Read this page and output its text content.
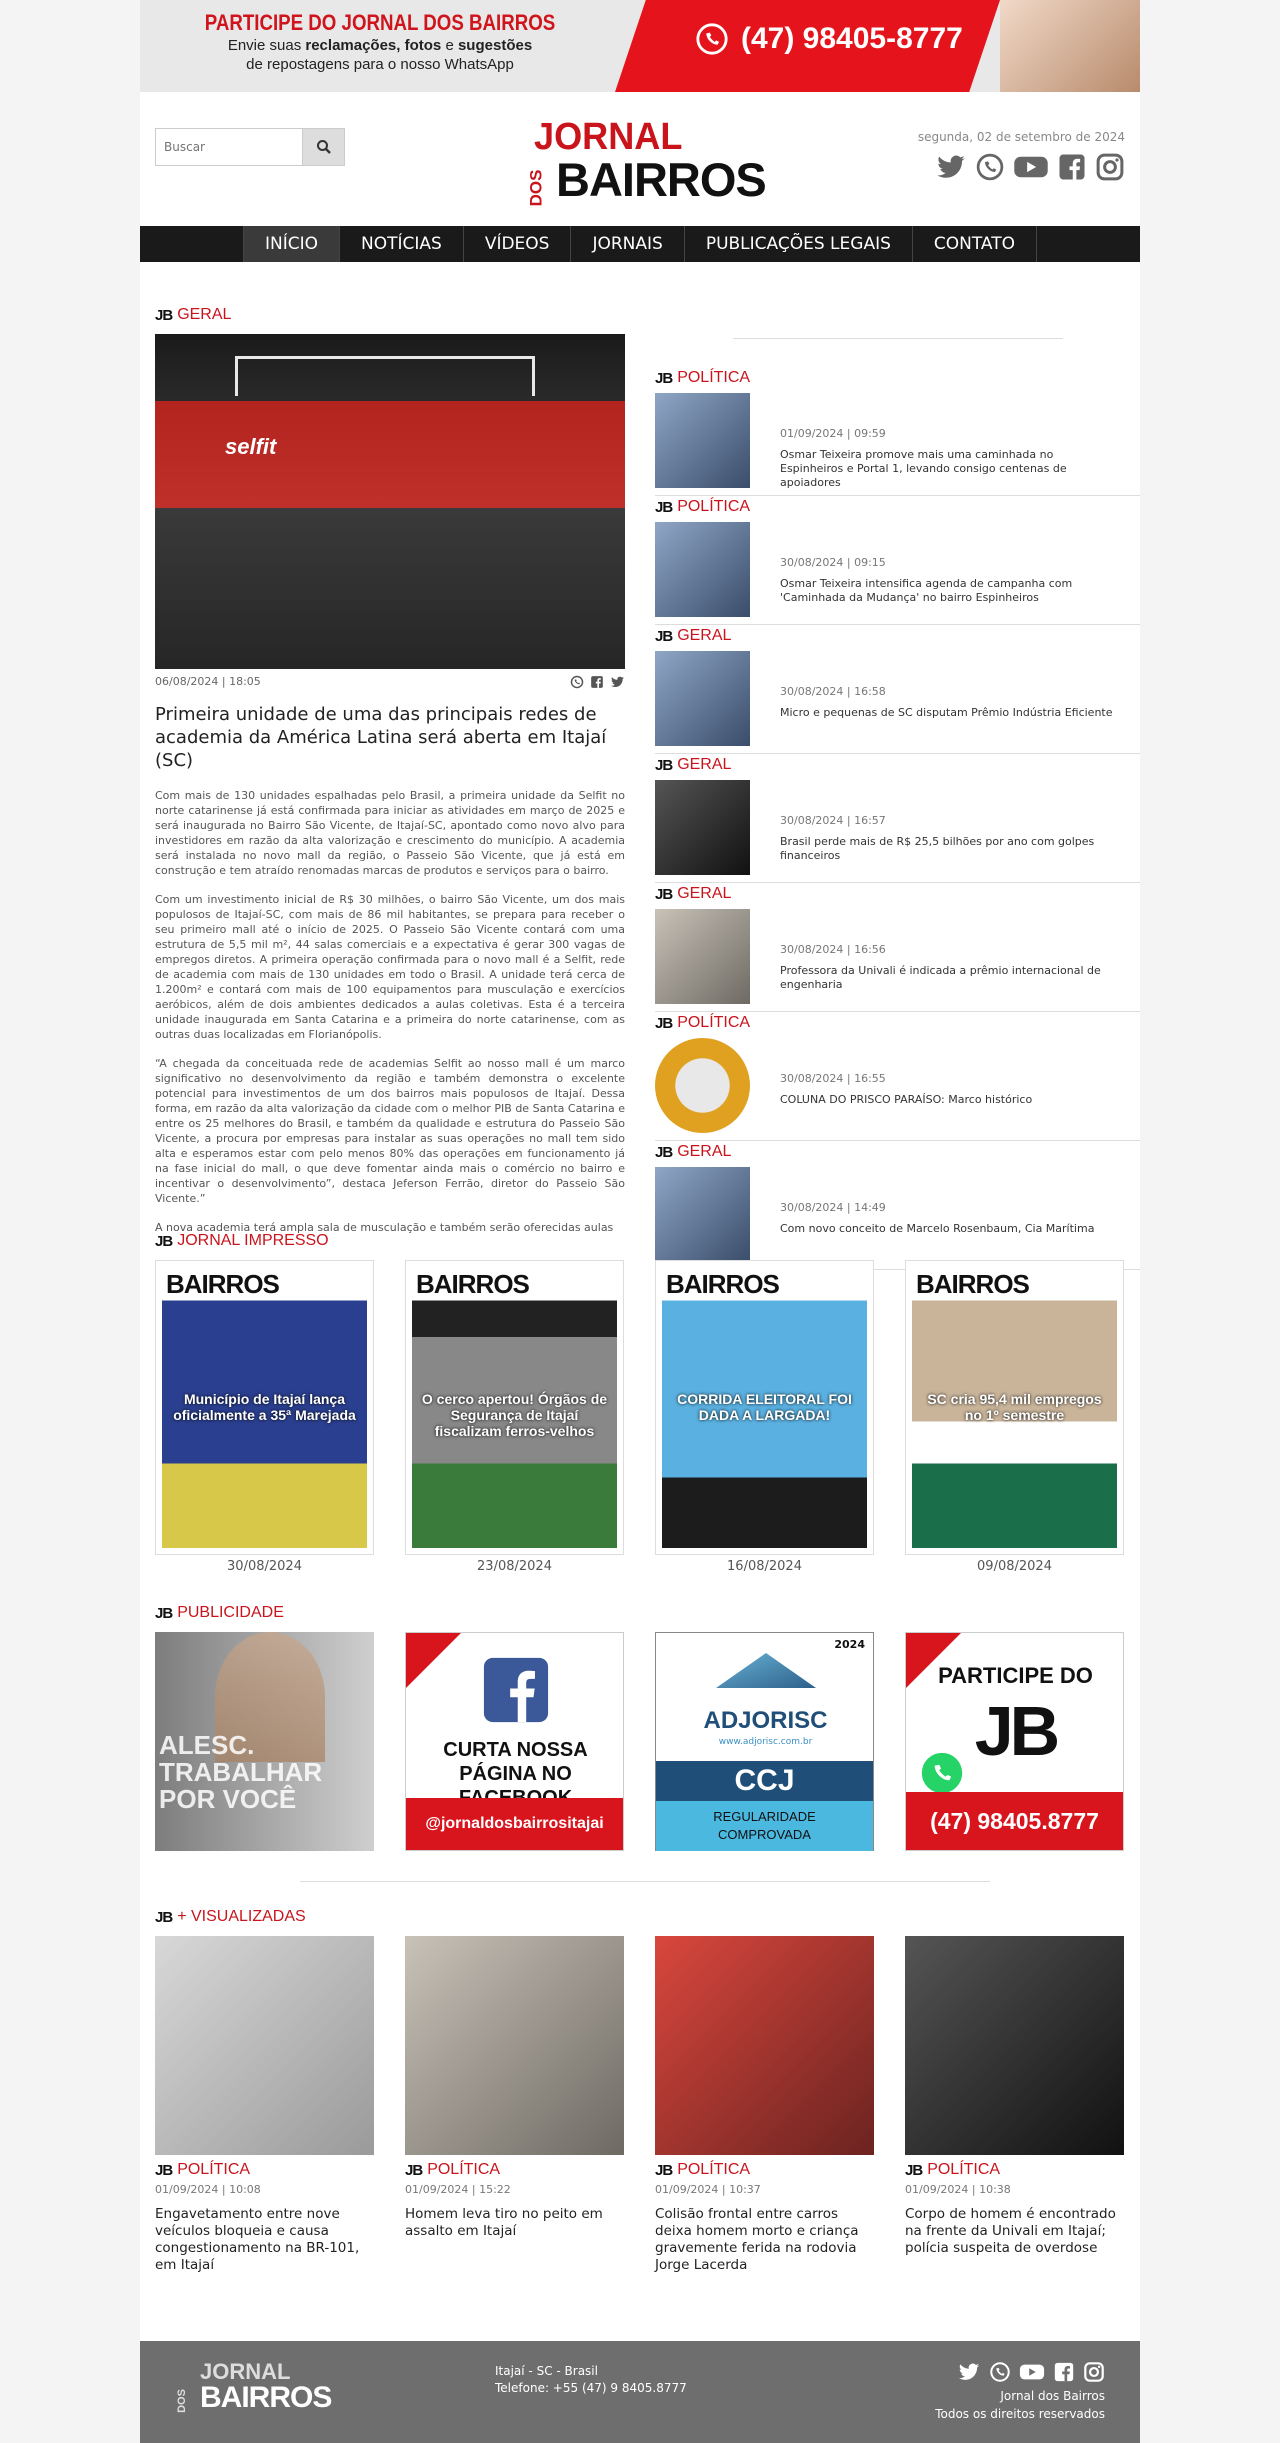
PARTICIPE DO JORNAL DOS BAIRROS
Envie suas reclamações, fotos e sugestões
de repostagens para o nosso WhatsApp
(47) 98405-8777
Buscar
JORNAL
DOS BAIRROS
segunda, 02 de setembro de 2024
INÍCIO	NOTÍCIAS	VÍDEOS	JORNAIS	PUBLICAÇÕES LEGAIS	CONTATO
JB GERAL
selfit
06/08/2024 | 18:05
Primeira unidade de uma das principais redes de academia da América Latina será aberta em Itajaí (SC)

Com mais de 130 unidades espalhadas pelo Brasil, a primeira unidade da Selfit no norte catarinense já está confirmada para iniciar as atividades em março de 2025 e será inaugurada no Bairro São Vicente, de Itajaí-SC, apontado como novo alvo para investidores em razão da alta valorização e crescimento do município. A academia será instalada no novo mall da região, o Passeio São Vicente, que já está em construção e tem atraído renomadas marcas de produtos e serviços para o bairro.

Com um investimento inicial de R$ 30 milhões, o bairro São Vicente, um dos mais populosos de Itajaí-SC, com mais de 86 mil habitantes, se prepara para receber o seu primeiro mall até o início de 2025. O Passeio São Vicente contará com uma estrutura de 5,5 mil m², 44 salas comerciais e a expectativa é gerar 300 vagas de empregos diretos. A primeira operação confirmada para o novo mall é a Selfit, rede de academia com mais de 130 unidades em todo o Brasil. A unidade terá cerca de 1.200m² e contará com mais de 100 equipamentos para musculação e exercícios aeróbicos, além de dois ambientes dedicados a aulas coletivas. Esta é a terceira unidade inaugurada em Santa Catarina e a primeira do norte catarinense, com as outras duas localizadas em Florianópolis.

“A chegada da conceituada rede de academias Selfit ao nosso mall é um marco significativo no desenvolvimento da região e também demonstra o excelente potencial para investimentos de um dos bairros mais populosos de Itajaí. Dessa forma, em razão da alta valorização da cidade com o melhor PIB de Santa Catarina e entre os 25 melhores do Brasil, e também da qualidade e estrutura do Passeio São Vicente, a procura por empresas para instalar as suas operações no mall tem sido alta e esperamos estar com pelo menos 80% das operações em funcionamento já na fase inicial do mall, o que deve fomentar ainda mais o comércio no bairro e incentivar o desenvolvimento”, destaca Jeferson Ferrão, diretor do Passeio São Vicente.”

A nova academia terá ampla sala de musculação e também serão oferecidas aulas

JB POLÍTICA
01/09/2024 | 09:59
Osmar Teixeira promove mais uma caminhada no Espinheiros e Portal 1, levando consigo centenas de apoiadores
JB POLÍTICA
30/08/2024 | 09:15
Osmar Teixeira intensifica agenda de campanha com 'Caminhada da Mudança' no bairro Espinheiros
JB GERAL
30/08/2024 | 16:58
Micro e pequenas de SC disputam Prêmio Indústria Eficiente
JB GERAL
30/08/2024 | 16:57
Brasil perde mais de R$ 25,5 bilhões por ano com golpes financeiros
JB GERAL
30/08/2024 | 16:56
Professora da Univali é indicada a prêmio internacional de engenharia
JB POLÍTICA
30/08/2024 | 16:55
COLUNA DO PRISCO PARAÍSO: Marco histórico
JB GERAL
30/08/2024 | 14:49
Com novo conceito de Marcelo Rosenbaum, Cia Marítima
JB JORNAL IMPRESSO
BAIRROS
Município de Itajaí lança oficialmente a 35ª Marejada
30/08/2024
BAIRROS
O cerco apertou! Órgãos de Segurança de Itajaí fiscalizam ferros-velhos
23/08/2024
BAIRROS
CORRIDA ELEITORAL FOI DADA A LARGADA!
16/08/2024
BAIRROS
SC cria 95,4 mil empregos no 1º semestre
09/08/2024
JB PUBLICIDADE
ALESC. TRABALHAR POR VOCÊ
CURTA NOSSA PÁGINA NO
@jornaldosbairrositajai
2024
ADJORISC
www.adjorisc.com.br
CCJ
REGULARIDADE COMPROVADA
PARTICIPE DO
JB
(47) 98405.8777
JB + VISUALIZADAS
JB POLÍTICA
01/09/2024 | 10:08
Engavetamento entre nove veículos bloqueia e causa congestionamento na BR-101, em Itajaí
JB POLÍTICA
01/09/2024 | 15:22
Homem leva tiro no peito em assalto em Itajaí
JB POLÍTICA
01/09/2024 | 10:37
Colisão frontal entre carros deixa homem morto e criança gravemente ferida na rodovia Jorge Lacerda
JB POLÍTICA
01/09/2024 | 10:38
Corpo de homem é encontrado na frente da Univali em Itajaí; polícia suspeita de overdose
JORNAL
DOS BAIRROS
Itajaí - SC - Brasil
Telefone: +55 (47) 9 8405.8777
Jornal dos Bairros
Todos os direitos reservados
